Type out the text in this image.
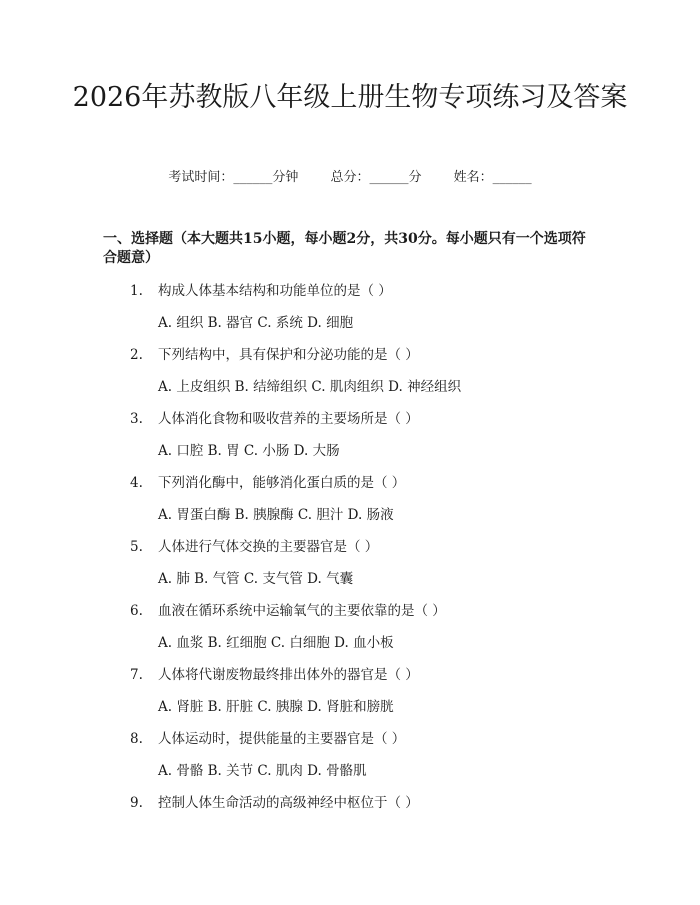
2026年苏教版八年级上册生物专项练习及答案
考试时间：______分钟 总分：______分 姓名：______

一、选择题（本大题共15小题，每小题2分，共30分。每小题只有一个选项符合题意）

1. 构成人体基本结构和功能单位的是（ ）
A. 组织 B. 器官 C. 系统 D. 细胞
2. 下列结构中，具有保护和分泌功能的是（ ）
A. 上皮组织 B. 结缔组织 C. 肌肉组织 D. 神经组织
3. 人体消化食物和吸收营养的主要场所是（ ）
A. 口腔 B. 胃 C. 小肠 D. 大肠
4. 下列消化酶中，能够消化蛋白质的是（ ）
A. 胃蛋白酶 B. 胰腺酶 C. 胆汁 D. 肠液
5. 人体进行气体交换的主要器官是（ ）
A. 肺 B. 气管 C. 支气管 D. 气囊
6. 血液在循环系统中运输氧气的主要依靠的是（ ）
A. 血浆 B. 红细胞 C. 白细胞 D. 血小板
7. 人体将代谢废物最终排出体外的器官是（ ）
A. 肾脏 B. 肝脏 C. 胰腺 D. 肾脏和膀胱
8. 人体运动时，提供能量的主要器官是（ ）
A. 骨骼 B. 关节 C. 肌肉 D. 骨骼肌
9. 控制人体生命活动的高级神经中枢位于（ ）
